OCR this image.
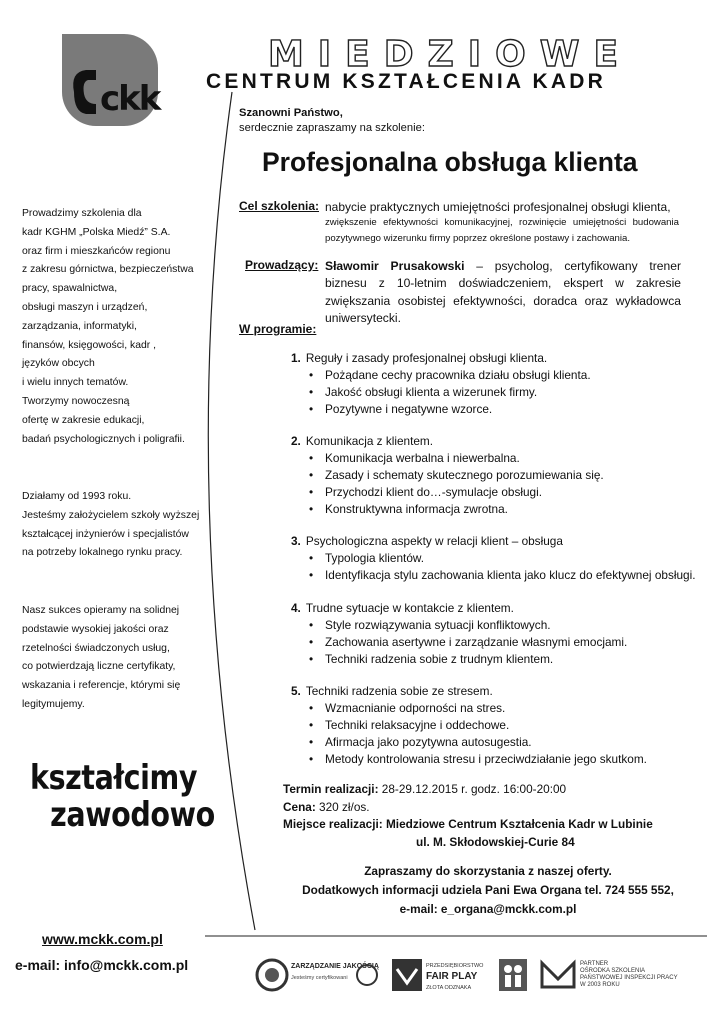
ckk
MIEDZIOWE
CENTRUM KSZTAŁCENIA KADR
Prowadzimy szkolenia dla
kadr KGHM „Polska Miedź” S.A.
oraz firm i mieszkańców regionu
z zakresu górnictwa, bezpieczeństwa
pracy, spawalnictwa,
obsługi maszyn i urządzeń,
zarządzania, informatyki,
finansów, księgowości, kadr ,
języków obcych
i wielu innych tematów.
Tworzymy nowoczesną
ofertę w zakresie edukacji,
badań psychologicznych i poligrafii.
Działamy od 1993 roku.
Jesteśmy założycielem szkoły wyższej
kształcącej inżynierów i specjalistów
na potrzeby lokalnego rynku pracy.
Nasz sukces opieramy na solidnej
podstawie wysokiej jakości oraz
rzetelności świadczonych usług,
co potwierdzają liczne certyfikaty,
wskazania i referencje, którymi się
legitymujemy.
kształcimy
zawodowo
www.mckk.com.pl
e-mail: info@mckk.com.pl
Szanowni Państwo,
serdecznie zapraszamy na szkolenie:
Profesjonalna obsługa klienta
Cel szkolenia: nabycie praktycznych umiejętności profesjonalnej obsługi klienta,
zwiększenie efektywności komunikacyjnej, rozwinięcie umiejętności budowania pozytywnego wizerunku firmy poprzez określone postawy i zachowania.
Prowadzący: Sławomir Prusakowski – psycholog, certyfikowany trener biznesu z 10-letnim doświadczeniem, ekspert w zakresie zwiększania osobistej efektywności, doradca oraz wykładowca uniwersytecki.
W programie:
1. Reguły i zasady profesjonalnej obsługi klienta.
• Pożądane cechy pracownika działu obsługi klienta.
• Jakość obsługi klienta a wizerunek firmy.
• Pozytywne i negatywne wzorce.
2. Komunikacja z klientem.
• Komunikacja werbalna i niewerbalna.
• Zasady i schematy skutecznego porozumiewania się.
• Przychodzi klient do…-symulacje obsługi.
• Konstruktywna informacja zwrotna.
3. Psychologiczna aspekty w relacji klient – obsługa
• Typologia klientów.
• Identyfikacja stylu zachowania klienta jako klucz do efektywnej obsługi.
4. Trudne sytuacje w kontakcie z klientem.
• Style rozwiązywania sytuacji konfliktowych.
• Zachowania asertywne i zarządzanie własnymi emocjami.
• Techniki radzenia sobie z trudnym klientem.
5. Techniki radzenia sobie ze stresem.
• Wzmacnianie odporności na stres.
• Techniki relaksacyjne i oddechowe.
• Afirmacja jako pozytywna autosugestia.
• Metody kontrolowania stresu i przeciwdziałanie jego skutkom.
Termin realizacji: 28-29.12.2015 r. godz. 16:00-20:00
Cena: 320 zł/os.
Miejsce realizacji: Miedziowe Centrum Kształcenia Kadr w Lubinie
ul. M. Skłodowskiej-Curie 84
Zapraszamy do skorzystania z naszej oferty.
Dodatkowych informacji udziela Pani Ewa Organa tel. 724 555 552,
e-mail: e_organa@mckk.com.pl
ZARZĄDZANIE JAKOŚCIĄ
Jesteśmy certyfikowani
PRZEDSIĘBIORSTWO
FAIR PLAY
ZŁOTA ODZNAKA
PARTNER OŚRODKA SZKOLENIA PAŃSTWOWEJ INSPEKCJI PRACY W 2003 ROKU
